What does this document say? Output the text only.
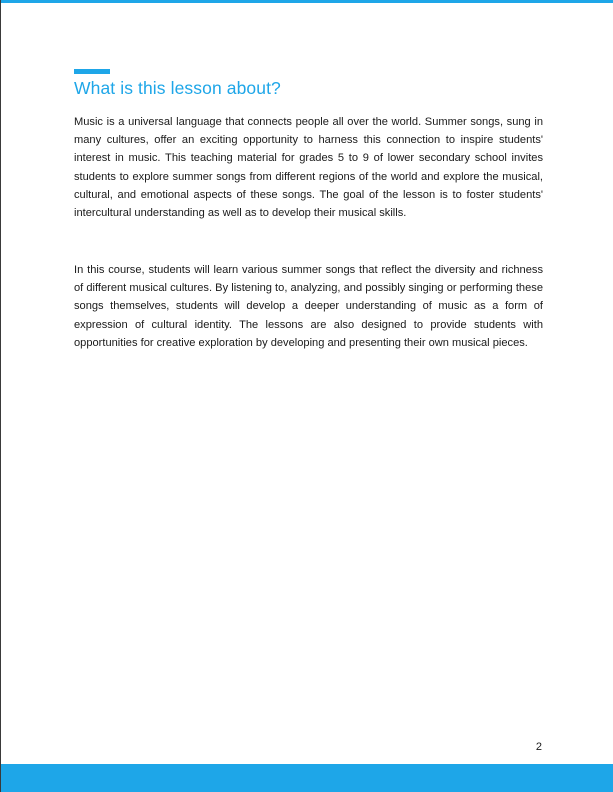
What is this lesson about?

Music is a universal language that connects people all over the world. Summer songs, sung in many cultures, offer an exciting opportunity to harness this connection to inspire students' interest in music. This teaching material for grades 5 to 9 of lower secondary school invites students to explore summer songs from different regions of the world and explore the musical, cultural, and emotional aspects of these songs. The goal of the lesson is to foster students' intercultural understanding as well as to develop their musical skills.

In this course, students will learn various summer songs that reflect the diversity and richness of different musical cultures. By listening to, analyzing, and possibly singing or performing these songs themselves, students will develop a deeper understanding of music as a form of expression of cultural identity. The lessons are also designed to provide students with opportunities for creative exploration by developing and presenting their own musical pieces.

2
